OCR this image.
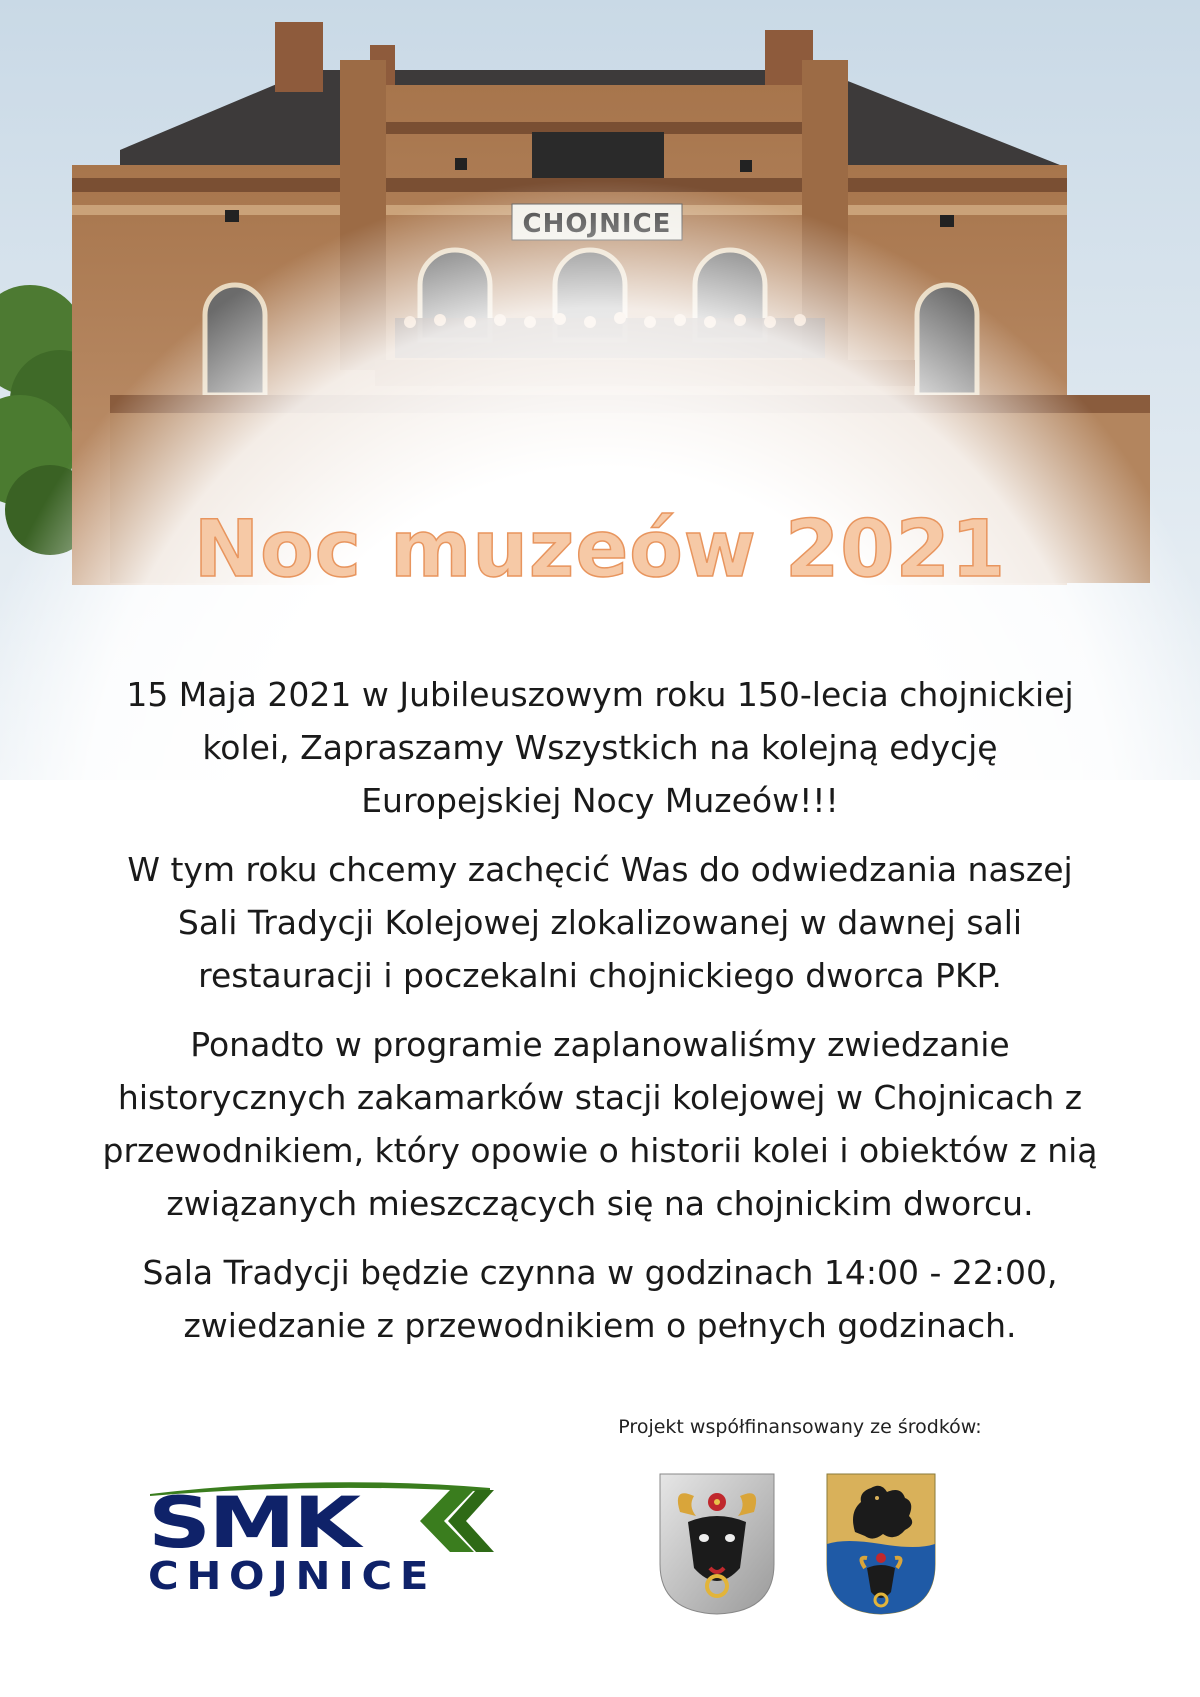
Noc muzeów 2021

15 Maja 2021 w Jubileuszowym roku 150-lecia chojnickiej kolei, Zapraszamy Wszystkich na kolejną edycję Europejskiej Nocy Muzeów!!!

W tym roku chcemy zachęcić Was do odwiedzania naszej Sali Tradycji Kolejowej zlokalizowanej w dawnej sali restauracji i poczekalni chojnickiego dworca PKP.

Ponadto w programie zaplanowaliśmy zwiedzanie historycznych zakamarków stacji kolejowej w Chojnicach z przewodnikiem, który opowie o historii kolei i obiektów z nią związanych mieszczących się na chojnickim dworcu.

Sala Tradycji będzie czynna w godzinach 14:00 - 22:00, zwiedzanie z przewodnikiem o pełnych godzinach.

Projekt współfinansowany ze środków:
SMK
CHOJNICE
